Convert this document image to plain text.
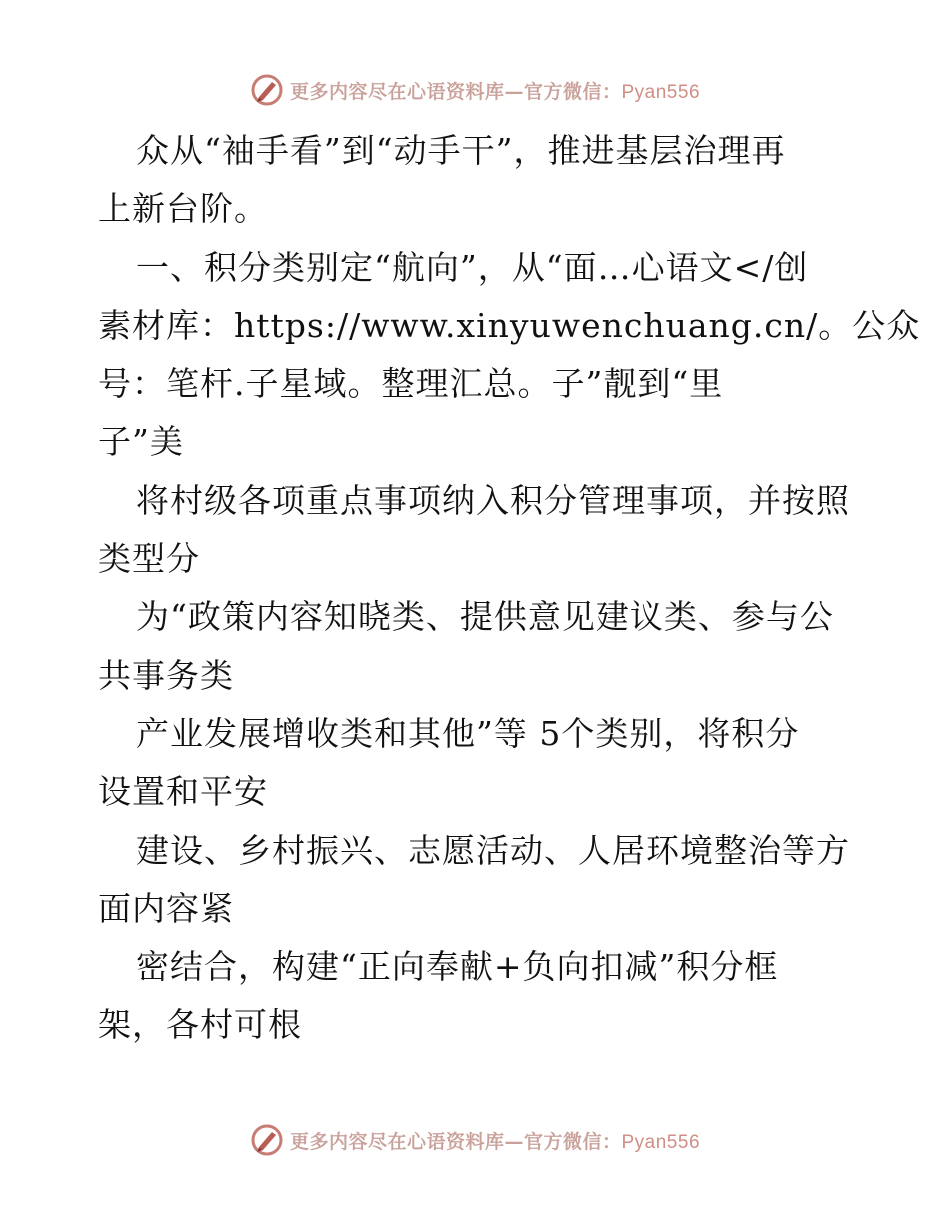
更多内容尽在心语资料库—官方微信：Pyan556
众从“袖手看”到“动手干”，推进基层治理再
上新台阶。
一、积分类别定“航向”，从“面…心语文</创
素材库：https://www.xinyuwenchuang.cn/。公众
号：笔杆.子星域。整理汇总。子”靓到“里
子”美
将村级各项重点事项纳入积分管理事项，并按照
类型分
为“政策内容知晓类、提供意见建议类、参与公
共事务类
产业发展增收类和其他”等 5个类别，将积分
设置和平安
建设、乡村振兴、志愿活动、人居环境整治等方
面内容紧
密结合，构建“正向奉献+负向扣减”积分框
架，各村可根
更多内容尽在心语资料库—官方微信：Pyan556
